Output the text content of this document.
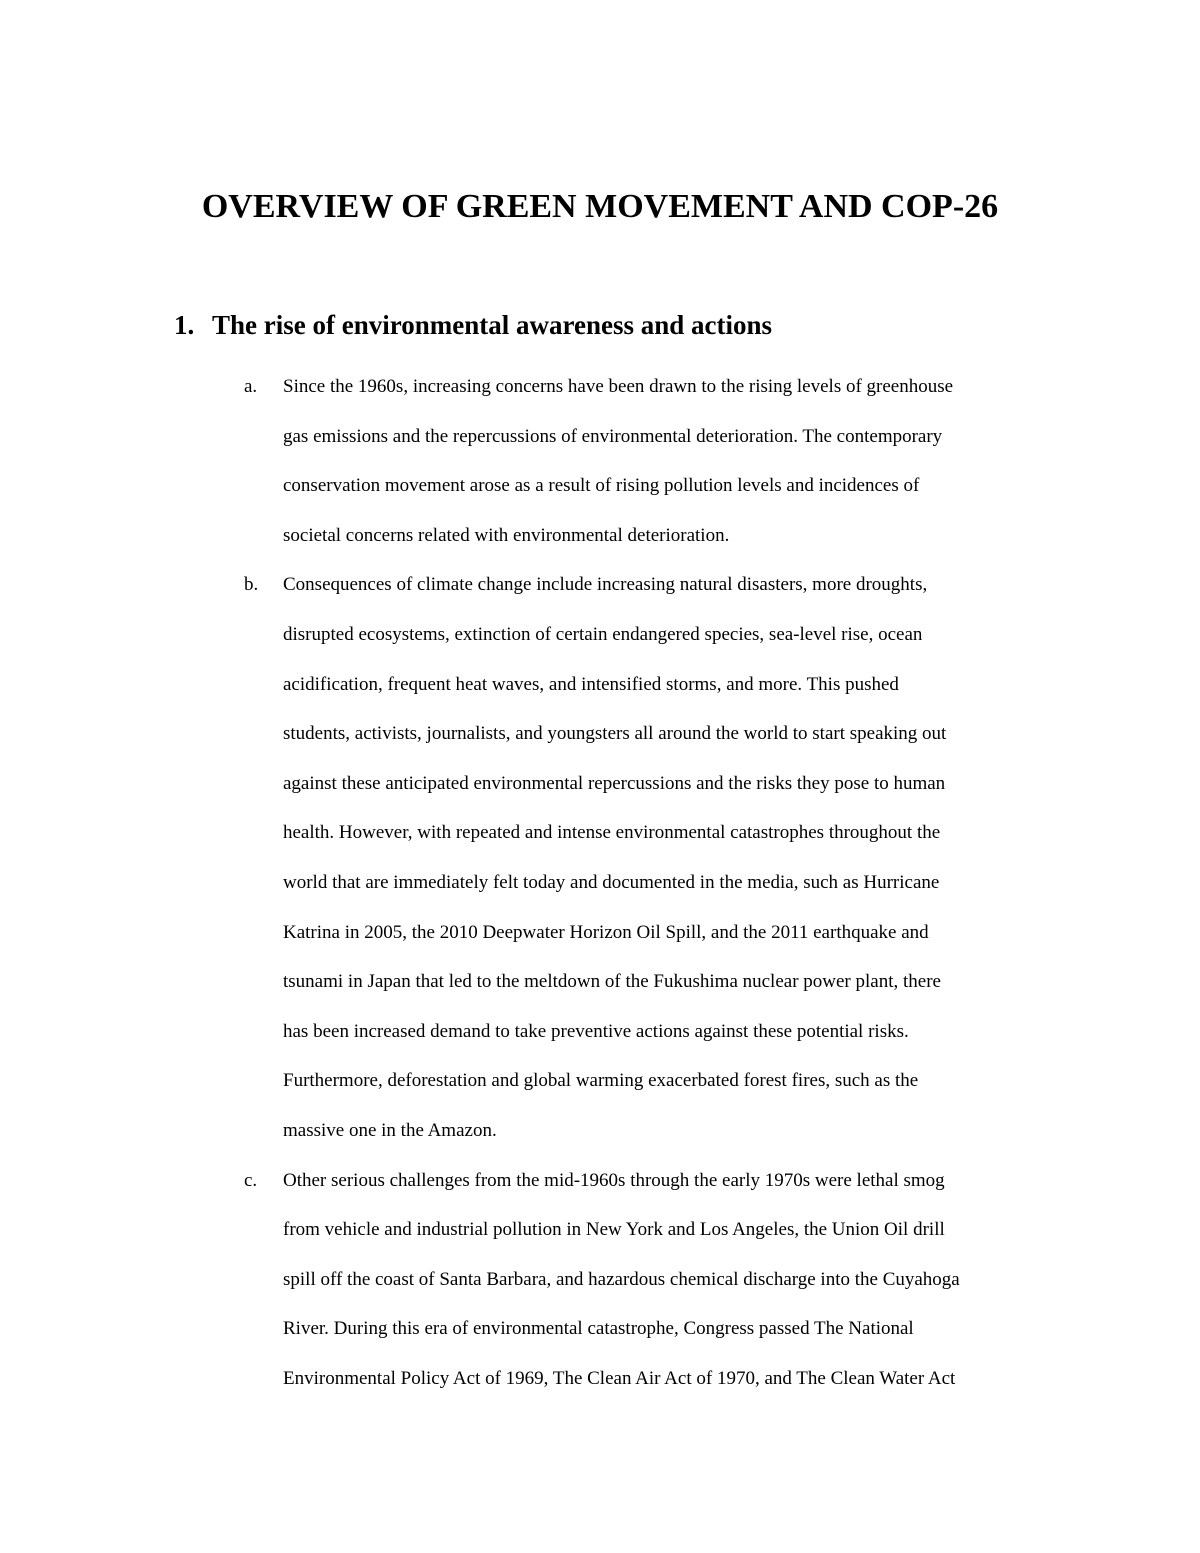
OVERVIEW OF GREEN MOVEMENT AND COP-26
1. The rise of environmental awareness and actions
a. Since the 1960s, increasing concerns have been drawn to the rising levels of greenhouse
gas emissions and the repercussions of environmental deterioration. The contemporary
conservation movement arose as a result of rising pollution levels and incidences of
societal concerns related with environmental deterioration.

b. Consequences of climate change include increasing natural disasters, more droughts,
disrupted ecosystems, extinction of certain endangered species, sea-level rise, ocean
acidification, frequent heat waves, and intensified storms, and more. This pushed
students, activists, journalists, and youngsters all around the world to start speaking out
against these anticipated environmental repercussions and the risks they pose to human
health. However, with repeated and intense environmental catastrophes throughout the
world that are immediately felt today and documented in the media, such as Hurricane
Katrina in 2005, the 2010 Deepwater Horizon Oil Spill, and the 2011 earthquake and
tsunami in Japan that led to the meltdown of the Fukushima nuclear power plant, there
has been increased demand to take preventive actions against these potential risks.
Furthermore, deforestation and global warming exacerbated forest fires, such as the
massive one in the Amazon.

c. Other serious challenges from the mid-1960s through the early 1970s were lethal smog
from vehicle and industrial pollution in New York and Los Angeles, the Union Oil drill
spill off the coast of Santa Barbara, and hazardous chemical discharge into the Cuyahoga
River. During this era of environmental catastrophe, Congress passed The National
Environmental Policy Act of 1969, The Clean Air Act of 1970, and The Clean Water Act
